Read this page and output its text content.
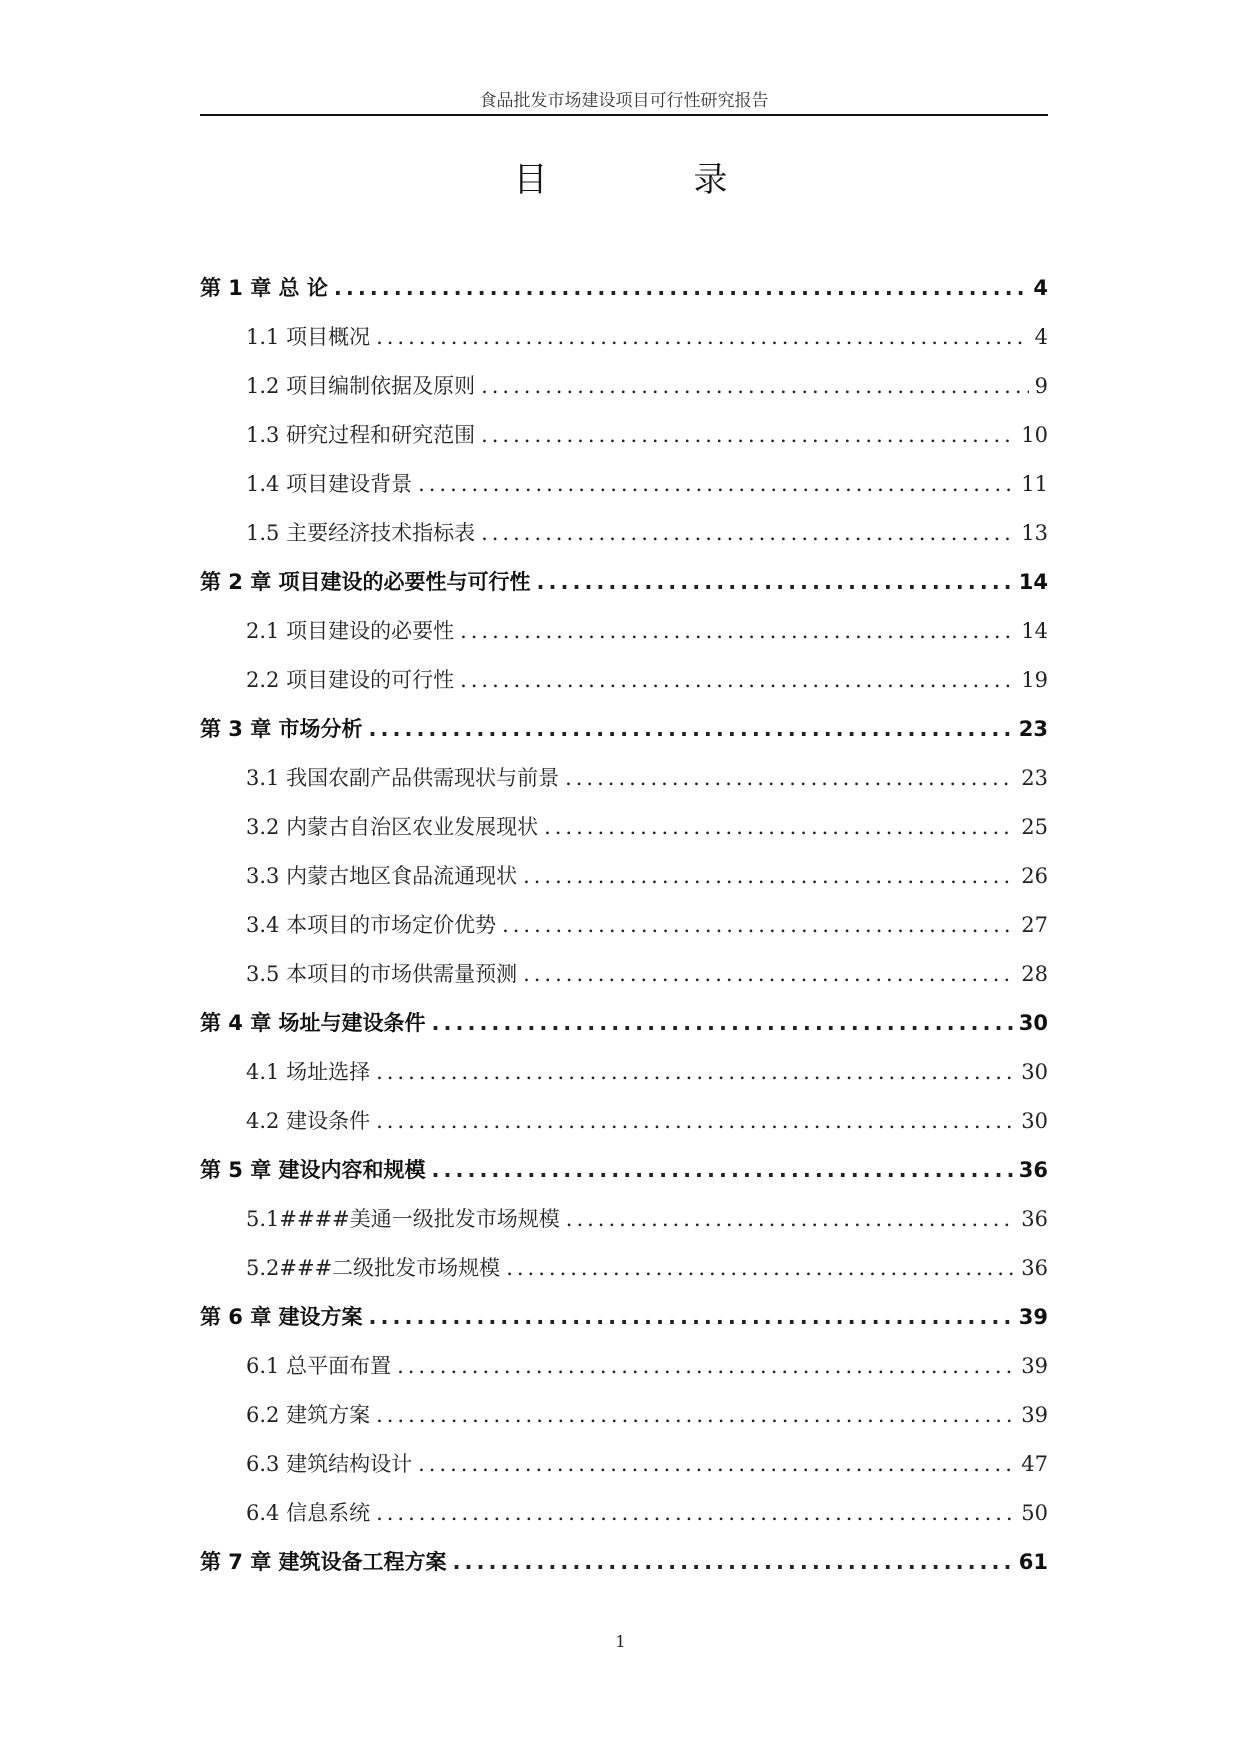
食品批发市场建设项目可行性研究报告
目　录
第 1 章 总 论 .....	4
1.1 项目概况 .....	4
1.2 项目编制依据及原则 .....	9
1.3 研究过程和研究范围 .....	10
1.4 项目建设背景 .....	11
1.5 主要经济技术指标表 .....	13
第 2 章 项目建设的必要性与可行性 .....	14
2.1 项目建设的必要性 .....	14
2.2 项目建设的可行性 .....	19
第 3 章 市场分析 .....	23
3.1 我国农副产品供需现状与前景 .....	23
3.2 内蒙古自治区农业发展现状 .....	25
3.3 内蒙古地区食品流通现状 .....	26
3.4 本项目的市场定价优势 .....	27
3.5 本项目的市场供需量预测 .....	28
第 4 章 场址与建设条件 .....	30
4.1 场址选择 .....	30
4.2 建设条件 .....	30
第 5 章 建设内容和规模 .....	36
5.1####美通一级批发市场规模 .....	36
5.2###二级批发市场规模 .....	36
第 6 章 建设方案 .....	39
6.1 总平面布置 .....	39
6.2 建筑方案 .....	39
6.3 建筑结构设计 .....	47
6.4 信息系统 .....	50
第 7 章 建筑设备工程方案 .....	61
1
